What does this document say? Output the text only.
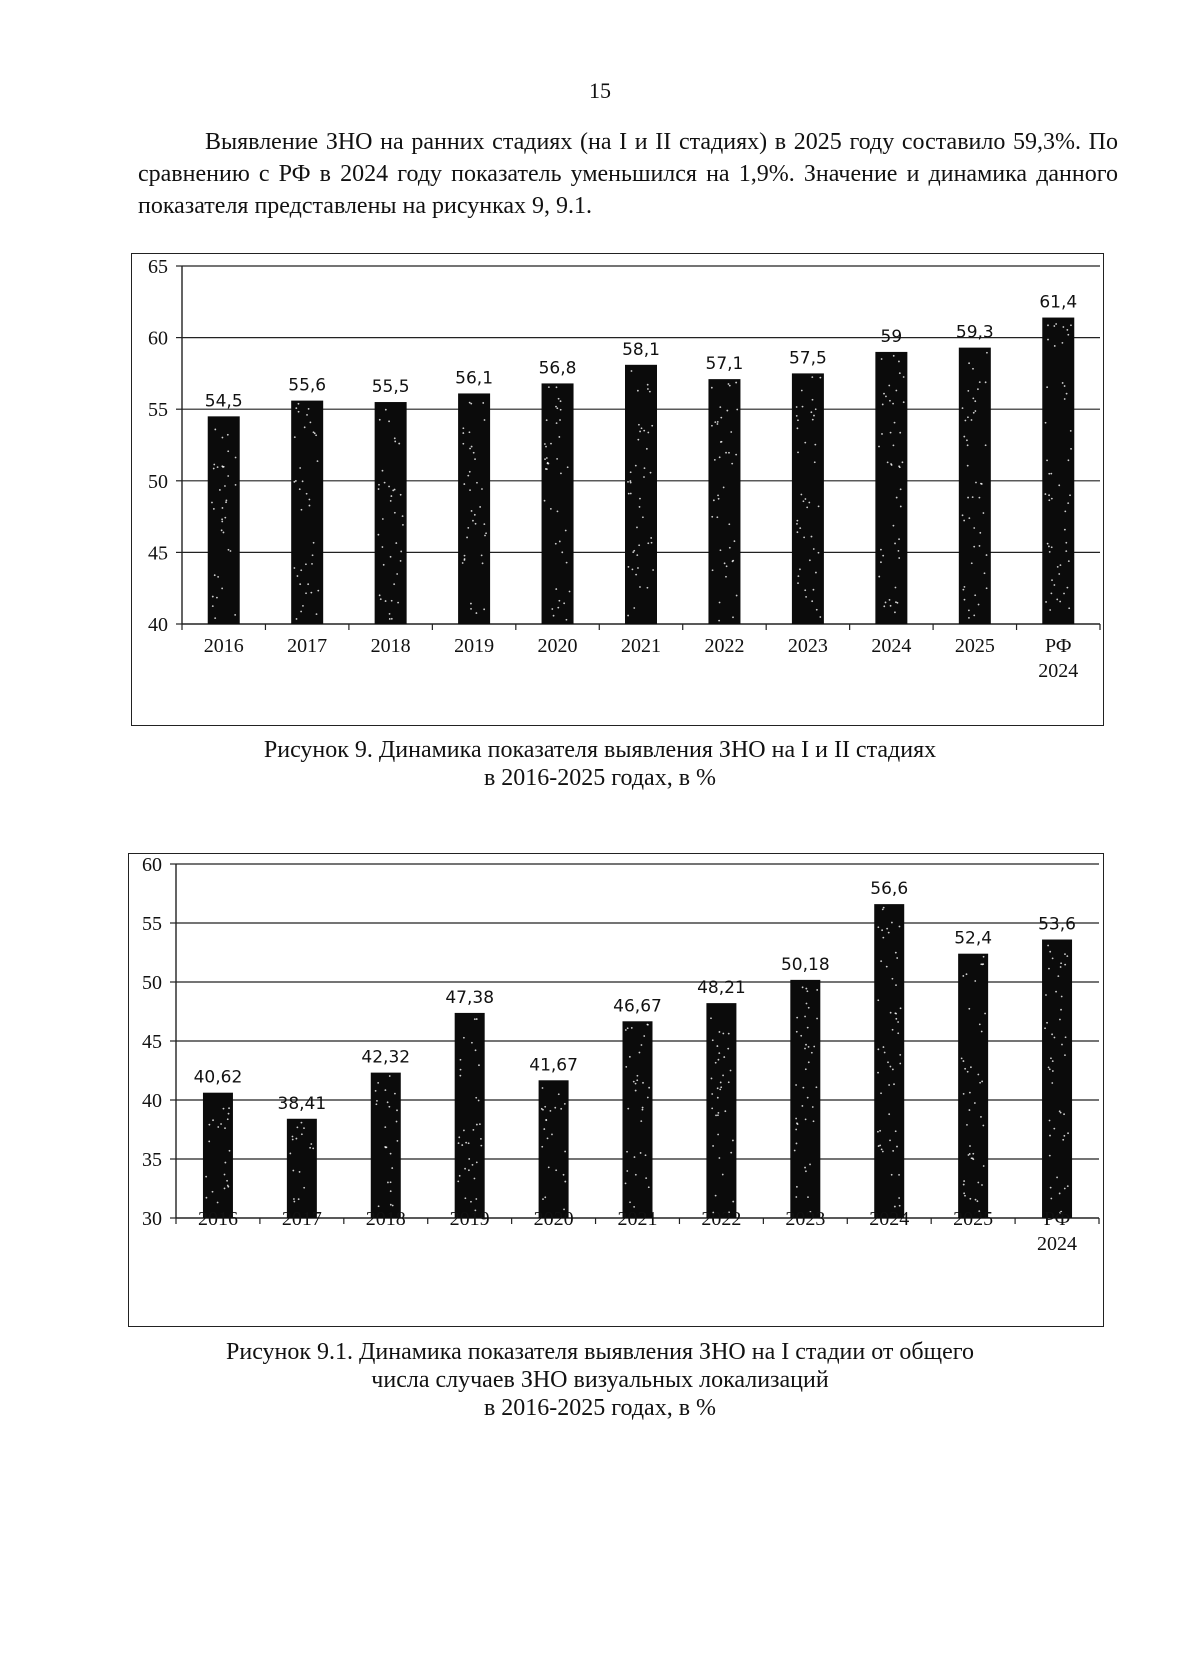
15
Выявление ЗНО на ранних стадиях (на I и II стадиях) в 2025 году составило 59,3%. По сравнению с РФ в 2024 году показатель уменьшился на 1,9%. Значение и динамика данного показателя представлены на рисунках 9, 9.1.
40
45
50
55
60
65
54,5
2016
55,6
2017
55,5
2018
56,1
2019
56,8
2020
58,1
2021
57,1
2022
57,5
2023
59
2024
59,3
2025
61,4
РФ 2024
Рисунок 9. Динамика показателя выявления ЗНО на I и II стадиях
в 2016-2025 годах, в %
30
35
40
45
50
55
60
40,62
2016
38,41
2017
42,32
2018
47,38
2019
41,67
2020
46,67
2021
48,21
2022
50,18
2023
56,6
2024
52,4
2025
53,6
РФ 2024
Рисунок 9.1. Динамика показателя выявления ЗНО на I стадии от общего
числа случаев ЗНО визуальных локализаций
в 2016-2025 годах, в %
